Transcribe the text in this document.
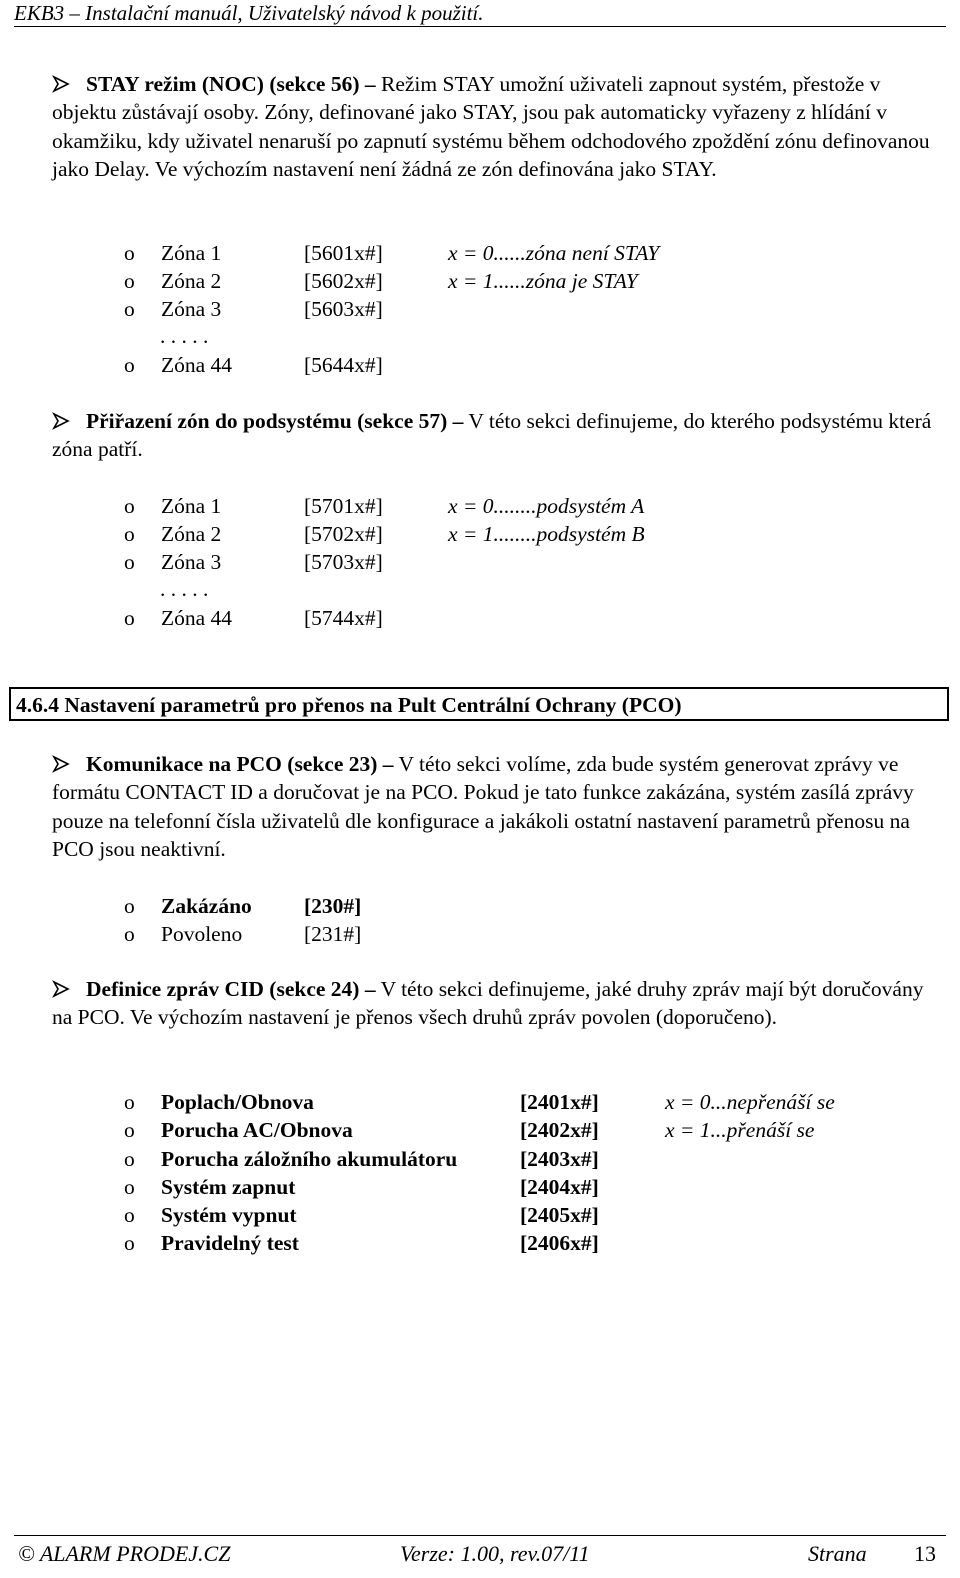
EKB3 – Instalační manuál, Uživatelský návod k použití.
STAY režim (NOC) (sekce 56) – Režim STAY umožní uživateli zapnout systém, přestože v objektu zůstávají osoby. Zóny, definované jako STAY, jsou pak automaticky vyřazeny z hlídání v okamžiku, kdy uživatel nenaruší po zapnutí systému během odchodového zpoždění zónu definovanou jako Delay. Ve výchozím nastavení není žádná ze zón definována jako STAY.
o Zóna 1	[5601x#]	x = 0......zóna není STAY
o Zóna 2	[5602x#]	x = 1......zóna je STAY
o Zóna 3	[5603x#]
. . . . .
o Zóna 44	[5644x#]
Přiřazení zón do podsystému (sekce 57) – V této sekci definujeme, do kterého podsystému která zóna patří.
o Zóna 1	[5701x#]	x = 0........podsystém A
o Zóna 2	[5702x#]	x = 1........podsystém B
o Zóna 3	[5703x#]
. . . . .
o Zóna 44	[5744x#]
4.6.4 Nastavení parametrů pro přenos na Pult Centrální Ochrany (PCO)
Komunikace na PCO (sekce 23) – V této sekci volíme, zda bude systém generovat zprávy ve formátu CONTACT ID a doručovat je na PCO. Pokud je tato funkce zakázána, systém zasílá zprávy pouze na telefonní čísla uživatelů dle konfigurace a jakákoli ostatní nastavení parametrů přenosu na PCO jsou neaktivní.
o Zakázáno [230#]
o Povoleno	[231#]
Definice zpráv CID (sekce 24) – V této sekci definujeme, jaké druhy zpráv mají být doručovány na PCO. Ve výchozím nastavení je přenos všech druhů zpráv povolen (doporučeno).
o Poplach/Obnova	[2401x#]	x = 0...nepřenáší se
o Porucha AC/Obnova	[2402x#]	x = 1...přenáší se
o Porucha záložního akumulátoru	[2403x#]
o Systém zapnut	[2404x#]
o Systém vypnut	[2405x#]
o Pravidelný test	[2406x#]
© ALARM PRODEJ.CZ	Verze: 1.00, rev.07/11	Strana 13
